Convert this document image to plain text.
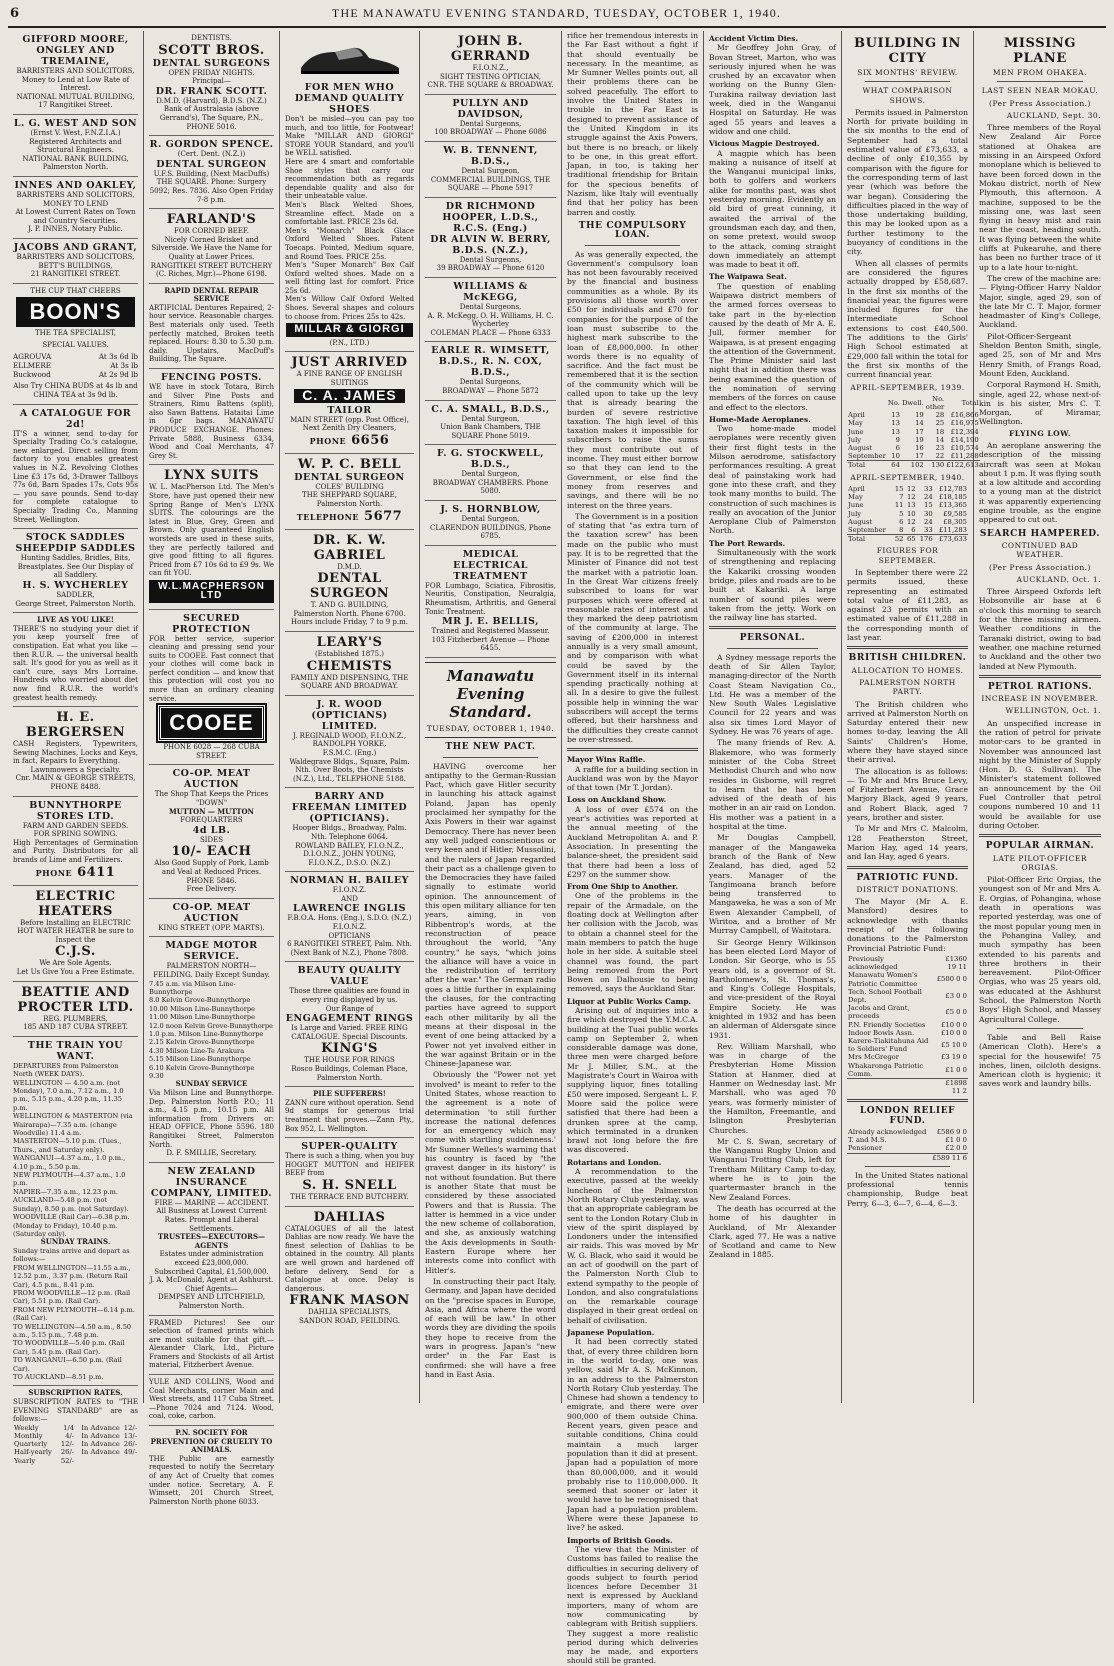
6	THE MANAWATU EVENING STANDARD, TUESDAY, OCTOBER 1, 1940.
GIFFORD MOORE, ONGLEY AND TREMAINE,
BARRISTERS AND SOLICITORS,
Money to Lend at Low Rate of Interest.
NATIONAL MUTUAL BUILDING,
17 Rangitikei Street.
L. G. WEST AND SON
(Ernst V. West, F.N.Z.I.A.)
Registered Architects and Structural Engineers.
NATIONAL BANK BUILDING, Palmerston North.
INNES AND OAKLEY,
BARRISTERS AND SOLICITORS,
MONEY TO LEND
At Lowest Current Rates on Town and Country Securities.
J. P. INNES, Notary Public.
JACOBS AND GRANT,
BARRISTERS AND SOLICITORS,
BETT'S BUILDINGS,
21 RANGITIKEI STREET.
THE CUP THAT CHEERS
BOON'S
THE TEA SPECIALIST,
SPECIAL VALUES.
AGROUVA	At 3s 6d lb
ELLMERE	At 3s lb
Buckwood	At 2s 9d lb
Also Try CHINA BUDS at 4s lb and CHINA TEA at 3s 9d lb.
A CATALOGUE FOR 2d!
IT'S a winner, send to-day for Specialty Trading Co.'s catalogue, new enlarged. Direct selling from factory to you enables greatest values in N.Z. Revolving Clothes Line £3 17s 6d, 3-Drawer Tallboys 77s 6d, Barn Spades 17s, Cots 95s — you save pounds. Send to-day for complete catalogue to Specialty Trading Co., Manning Street, Wellington.
STOCK SADDLES SHEEPDIP SADDLES
Hunting Saddles, Bridles, Bits, Breastplates. See Our Display of all Saddlery.
H. S. WYCHERLEY
SADDLER,
George Street, Palmerston North.
LIVE AS YOU LIKE!
THERE'S no studying your diet if you keep yourself free of constipation. Eat what you like — then R.U.R. — the universal health salt. It's good for you as well as it can't cure, says Mrs Lorraine. Hundreds who worried about diet now find R.U.R. the world's greatest health remedy.
H. E. BERGERSEN
CASH Registers, Typewriters, Sewing Machines, Locks and Keys, in fact, Repairs to Everything.
Lawnmowers a Specialty.
Cnr. MAIN & GEORGE STREETS, PHONE 8488.
BUNNYTHORPE STORES LTD.
FARM AND GARDEN SEEDS.
FOR SPRING SOWING.
High Percentages of Germination and Purity. Distributors for all brands of Lime and Fertilizers.
PHONE 6411
ELECTRIC HEATERS
Before Installing an ELECTRIC HOT WATER HEATER be sure to Inspect the
C.J.S.
We Are Sole Agents.
Let Us Give You a Free Estimate.
BEATTIE AND PROCTER LTD.
REG. PLUMBERS,
185 AND 187 CUBA STREET.
THE TRAIN YOU WANT.
DEPARTURES from Palmerston North (WEEK DAYS).
WELLINGTON — 4.50 a.m. (not Monday), 7.0 a.m., 7.12 a.m., 1.0 p.m., 5.15 p.m., 4.20 p.m., 11.35 p.m.
WELLINGTON & MASTERTON (via Wairarapa)—7.35 a.m. (change Woodville) 11.4 a.m.
MASTERTON—5.10 p.m. (Tues., Thurs., and Saturday only).
WANGANUI—4.37 a.m., 1.0 p.m., 4.10 p.m., 5.50 p.m.
NEW PLYMOUTH—4.37 a.m., 1.0 p.m.
NAPIER—7.35 a.m., 12.23 p.m.
AUCKLAND—5.48 p.m. (not Sunday), 8.50 p.m. (not Saturday).
WOODVILLE (Rail Car)—6.38 p.m. (Monday to Friday), 10.40 p.m. (Saturday only).
SUNDAY TRAINS.
Sunday trains arrive and depart as follows:—
FROM WELLINGTON—11.55 a.m., 12.52 p.m., 3.37 p.m. (Return Rail Car), 4.5 p.m., 8.41 p.m.
FROM WOODVILLE—12 p.m. (Rail Car), 5.51 p.m. (Rail Car).
FROM NEW PLYMOUTH—6.14 p.m. (Rail Car).
TO WELLINGTON—4.50 a.m., 8.50 a.m., 5.15 p.m., 7.48 p.m.
TO WOODVILLE—5.40 p.m. (Rail Car), 5.45 p.m. (Rail Car).
TO WANGANUI—6.50 p.m. (Rail Car).
TO AUCKLAND—8.51 p.m.
SUBSCRIPTION RATES.
SUBSCRIPTION RATES to "THE EVENING STANDARD" are as follows:—
Weekly	1/4	In Advance	12/-
Monthly	4/-	In Advance	13/-
Quarterly	12/-	In Advance	26/-
Half-yearly	26/-	In Advance	49/-
Yearly	52/-		
DENTISTS.
SCOTT BROS.
DENTAL SURGEONS
OPEN FRIDAY NIGHTS.
Principal—
DR. FRANK SCOTT.
D.M.D. (Harvard), B.D.S. (N.Z.)
Bank of Australasia (above Gerrand's), The Square, P.N., PHONE 5016.
R. GORDON SPENCE.
(Cert. Dent. (N.Z.))
DENTAL SURGEON
U.F.S. Building, (Next MacDuffs) THE SQUARE. Phone: Surgery 5092; Res. 7836. Also Open Friday 7-8 p.m.
FARLAND'S
FOR CORNED BEEF.
Nicely Corned Brisket and Silverside. We Have the Name for Quality at Lower Prices.
RANGITIKEI STREET BUTCHERY (C. Riches, Mgr.)—Phone 6198.
RAPID DENTAL REPAIR SERVICE
ARTIFICIAL Dentures Repaired, 2-hour service. Reasonable charges. Best materials only used. Teeth perfectly matched, Broken teeth replaced. Hours: 8.30 to 5.30 p.m. daily. Upstairs, MacDuff's Building, The Square.
FENCING POSTS.
WE have in stock Totara, Birch and Silver Pine Posts and Strainers, Rimu Battens (split), also Sawn Battens. Hataitai Lime in 6pr bags. MANAWATU PRODUCE EXCHANGE. Phones: Private 5888, Business 6334, Wood and Coal Merchants, 47 Grey St.
LYNX SUITS
W. L. MacPherson Ltd. The Men's Store, have just opened their new Spring Range of Men's LYNX SUITS. The colourings are the latest in Blue, Grey, Green and Brown. Only guaranteed English worsteds are used in these suits, they are perfectly tailored and give good fitting to all figures. Priced from £7 10s 6d to £9 9s. We can fit YOU.
W.L.MACPHERSON LTD
SECURED PROTECTION
FOR better service, superior cleaning and pressing send your suits to COOEE. Fast connect that your clothes will come back in perfect condition — and know that this protection will cost you no more than an ordinary cleaning service.
COOEE
PHONE 6028 — 268 CUBA STREET.
CO-OP. MEAT AUCTION
The Shop That Keeps the Prices "DOWN"
MUTTON — MUTTON
FOREQUARTERS
4d LB.
SIDES
10/- EACH
Also Good Supply of Pork, Lamb and Veal at Reduced Prices.
PHONE 5846.
Free Delivery.
CO-OP. MEAT AUCTION
KING STREET (OPP. MARTS).
MADGE MOTOR SERVICE.
PALMERSTON NORTH—FEILDING. Daily Except Sunday.
7.45 a.m. via Milson Line-Bunnythorpe
8.0 Kelvin Grove-Bunnythorpe
10.00 Milson Line-Bunnythorpe
11.00 Milson Line-Bunnythorpe
12.0 noon Kelvin Grove-Bunnythorpe
1.0 p.m. Milson Line-Bunnythorpe
2.15 Kelvin Grove-Bunnythorpe
4.30 Milson Line-Te Arakura
5.15 Milson Line-Bunnythorpe
6.10 Kelvin Grove-Bunnythorpe
9.30
SUNDAY SERVICE
Via Milson Line and Bunnythorpe. Dep. Palmerston North P.O.; 11 a.m., 4.15 p.m., 10.15 p.m. All information from Drivers or: HEAD OFFICE, Phone 5596. 180 Rangitikei Street, Palmerston North.
D. F. SMILLIE, Secretary.
NEW ZEALAND INSURANCE COMPANY, LIMITED.
FIRE — MARINE — ACCIDENT.
All Business at Lowest Current Rates. Prompt and Liberal Settlements.
TRUSTEES—EXECUTORS—AGENTS
Estates under administration exceed £23,000,000.
Subscribed Capital, £1,500,000.
J. A. McDonald, Agent at Ashhurst. Chief Agents—
DEMPSEY AND LITCHFIELD, Palmerston North.
FRAMED Pictures! See our selection of framed prints which are most suitable for that gift.—Alexander Clark, Ltd., Picture Framers and Stockists of all Artist material, Fitzherbert Avenue.
YULE AND COLLINS, Wood and Coal Merchants, corner Main and West streets, and 117 Cuba Street.—Phone 7024 and 7124. Wood, coal, coke, carbon.
P.N. SOCIETY FOR PREVENTION OF CRUELTY TO ANIMALS.
THE Public are earnestly requested to notify the Secretary of any Act of Cruelty that comes under notice. Secretary, A. F. Wimsett, 201 Church Street, Palmerston North phone 6033.
FOR MEN WHO DEMAND QUALITY SHOES
Don't be misled—you can pay too much, and too little, for Footwear! Make "MILLAR AND GIORGI" STORE YOUR Standard, and you'll be WELL satisfied.
Here are 4 smart and comfortable Shoe styles that carry our recommendation both as regards dependable quality and also for their unbeatable value.
Men's Black Welted Shoes, Streamline effect. Made on a comfortable last. PRICE 23s 6d.
Men's "Monarch" Black Glace Oxford Welted Shoes. Patent Toecaps. Pointed, Medium square, and Round Toes. PRICE 25s.
Men's "Super Monarch" Box Calf Oxford welted shoes. Made on a well fitting last for comfort. Price 25s 6d.
Men's Willow Calf Oxford Welted Shoes. Several shapes and colours to choose from. Prices 25s to 42s.
MILLAR & GIORGI
(P.N., LTD.)
JUST ARRIVED
A FINE RANGE OF ENGLISH SUITINGS
C. A. JAMES
TAILOR
MAIN STREET (opp. Post Office), Next Zenith Dry Cleaners,
PHONE 6656
W. P. C. BELL
DENTAL SURGEON
COLES' BUILDING
THE SHEPPARD SQUARE, Palmerston North.
TELEPHONE 5677
DR. K. W. GABRIEL
D.M.D.
DENTAL SURGEON
T. AND G. BUILDING,
Palmerston North. Phone 6700. Hours include Friday, 7 to 9 p.m.
LEARY'S
(Established 1875.)
CHEMISTS
FAMILY AND DISPENSING, THE SQUARE AND BROADWAY.
J. R. WOOD (OPTICIANS) LIMITED.
J. REGINALD WOOD, F.I.O.N.Z., RANDOLPH YORKE,
F.S.M.C. (Eng.)
Waldegrave Bldgs., Square, Palm. Nth. Over Boots, the Chemists (N.Z.), Ltd., TELEPHONE 5188.
BARRY AND FREEMAN LIMITED (OPTICIANS).
Hooper Bldgs., Broadway, Palm. Nth. Telephone 6064.
ROWLAND BAILEY, F.I.O.N.Z., D.I.O.N.Z., JOHN YOUNG, F.I.O.N.Z., D.S.O. (N.Z.)
NORMAN H. BAILEY
F.I.O.N.Z.
AND
LAWRENCE INGLIS
F.B.O.A. Hons. (Eng.), S.D.O. (N.Z.) F.I.O.N.Z.
OPTICIANS
6 RANGITIKEI STREET, Palm. Nth. (Next Bank of N.Z.), Phone 7808.
BEAUTY QUALITY VALUE
Those three qualities are found in every ring displayed by us.
Our Range of
ENGAGEMENT RINGS
Is Large and Varied. FREE RING CATALOGUE. Special Discounts.
KING'S
THE HOUSE FOR RINGS
Rosco Buildings, Coleman Place, Palmerston North.
PILE SUFFERERS!
ZANN cure without operation. Send 9d stamps for generous trial treatment that proves.—Zann Pty., Box 952, L. Wellington.
SUPER-QUALITY
There is such a thing, when you buy HOGGET MUTTON and HEIFER BEEF from
S. H. SNELL
THE TERRACE END BUTCHERY.
DAHLIAS
CATALOGUES of all the latest Dahlias are now ready. We have the finest selection of Dahlias to be obtained in the country. All plants are well grown and hardened off before delivery. Send for a Catalogue at once. Delay is dangerous.
FRANK MASON
DAHLIA SPECIALISTS,
SANDON ROAD, FEILDING.
JOHN B. GERRAND
F.I.O.N.Z.,
SIGHT TESTING OPTICIAN,
CNR. THE SQUARE & BROADWAY.
PULLYN AND DAVIDSON,
Dental Surgeons,
100 BROADWAY — Phone 6086
W. B. TENNENT, B.D.S.,
Dental Surgeon,
COMMERCIAL BUILDINGS, THE SQUARE — Phone 5917
DR RICHMOND HOOPER, L.D.S., R.C.S. (Eng.)
DR ALVIN W. BERRY, B.D.S. (N.Z.),
Dental Surgeons,
39 BROADWAY — Phone 6120
WILLIAMS & McKEGG,
Dental Surgeons,
A. R. McKegg, O. H. Williams, H. C. Wycherley
COLEMAN PLACE — Phone 6333
EARLE R. WIMSETT, B.D.S., R. N. COX, B.D.S.,
Dental Surgeons,
BROADWAY — Phone 5872
C. A. SMALL, B.D.S.,
Dental Surgeon,
Union Bank Chambers, THE SQUARE Phone 5019.
F. G. STOCKWELL, B.D.S.,
Dental Surgeon,
BROADWAY CHAMBERS. Phone 5080.
J. S. HORNBLOW,
Dental Surgeon,
CLARENDON BUILDINGS, Phone 6785.
MEDICAL ELECTRICAL TREATMENT
FOR Lumbago, Sciatica, Fibrositis, Neuritis, Constipation, Neuralgia, Rheumatism, Arthritis, and General Tonic Treatment.
MR J. E. BELLIS,
Trained and Registered Masseur.
103 Fitzherbert Avenue — Phone 6455.
Manawatu
Evening Standard.
TUESDAY, OCTOBER 1, 1940.
THE NEW PACT.

HAVING overcome her antipathy to the German-Russian Pact, which gave Hitler security in launching his attack against Poland, Japan has openly proclaimed her sympathy for the Axis Powers in their war against Democracy. There has never been any well judged conscientious or very keen and if Hitler, Mussolini, and the rulers of Japan regarded their pact as a challenge given to the Democracies they have failed signally to estimate world opinion. The announcement of this open military alliance for ten years, aiming, in von Ribbentrop's words, at the reconstruction of peace throughout the world, "Any country," he says, "which joins the alliance will have a voice in the redistribution of territory after the war." The German radio goes a little further in explaining the clauses, for the contracting parties have agreed to support each other militarily by all the means at their disposal in the event of one being attacked by a Power not yet involved either in the war against Britain or in the Chinese-Japanese war.

Obviously the "Power not yet involved" is meant to refer to the United States, whose reaction to the agreement is a note of determination 'to still further increase the national defences for an emergency which may come with startling suddenness.' Mr Sumner Welles's warning that his country is faced by "the gravest danger in its history" is not without foundation. But there is another State that must be considered by these associated Powers and that is Russia. The latter is hemmed in a vice under the new scheme of collaboration, and she, as anxiously watching the Axis developments in South-Eastern Europe where her interests come into conflict with Hitler's.

In constructing their pact Italy, Germany, and Japan have decided on the "precise spaces in Europe, Asia, and Africa where the word of each will be law." In other words they are dividing the spoils they hope to receive from the wars in progress. Japan's "new order" in the Far East is confirmed: she will have a free hand in East Asia.

rifice her tremendous interests in the Far East without a fight if that should eventually be necessary. In the meantime, as Mr Sumner Welles points out, all their problems there can be solved peacefully. The effort to involve the United States in trouble in the Far East is designed to prevent assistance of the United Kingdom in its struggle against the Axis Powers, but there is no breach, or likely to be one, in this great effort. Japan, in too, is taking her traditional friendship for Britain for the specious benefits of Nazism, like Italy will eventually find that her policy has been barren and costly.

THE COMPULSORY LOAN.

As was generally expected, the Government's compulsory loan has not been favourably received by the financial and business communities as a whole. By its provisions all those worth over £50 for individuals and £70 for companies for the purpose of the loan must subscribe to the highest mark subscribe to the loan of £8,000,000. In other words there is no equality of sacrifice. And the fact must be remembered that it is the section of the community which will be called upon to take up the levy that is already bearing the burden of severe restrictive taxation. The high level of this taxation makes it impossible for subscribers to raise the sums they must contribute out of income. They must either borrow so that they can lend to the Government, or else find the money from reserves and savings, and there will be no interest on the three years.

The Government is in a position of stating that "as extra turn of the taxation screw" has been made on the public who must pay. It is to be regretted that the Minister of Finance did not test the market with a patriotic loan. In the Great War citizens freely subscribed to loans for war purposes which were offered at reasonable rates of interest and they marked the deep patriotism of the community at large. The saving of £200,000 in interest annually is a very small amount, and by comparison with what could be saved by the Government itself in its internal spending practically nothing at all. In a desire to give the fullest possible help in winning the war subscribers will accept the terms offered, but their harshness and the difficulties they create cannot be over-stressed.

Mayor Wins Raffle.

A raffle for a building section in Auckland was won by the Mayor of that town (Mr T. Jordan).

Loss on Auckland Show.

A loss of over £574 on the year's activities was reported at the annual meeting of the Auckland Metropolitan A. and P. Association. In presenting the balance-sheet, the president said that there had been a loss of £297 on the summer show.

From One Ship to Another.

One of the problems in the repair of the Armadale, on the floating dock at Wellington after her collision with the Jacob, was to obtain a channel steel for the main members to patch the huge hole in her side. A suitable steel channel was found, the part being removed from the Port Bowen on Dalhousie to being removed, says the Auckland Star.

Liquor at Public Works Camp.

Arising out of inquiries into a fire which destroyed the Y.M.C.A. building at the Tuai public works camp on September 2, when considerable damage was done, three men were charged before Mr J. Miller, S.M., at the Magistrate's Court in Wairoa with supplying liquor, fines totalling £50 were imposed. Sergeant L. F. Moore said the police were satisfied that there had been a drunken spree at the camp, which terminated in a drunken brawl not long before the fire was discovered.

Rotarians and London.

A recommendation to the executive, passed at the weekly luncheon of the Palmerston North Rotary Club yesterday, was that an appropriate cablegram be sent to the London Rotary Club in view of the spirit displayed by Londoners under the intensified air raids. This was moved by Mr W. G. Black, who said it would be an act of goodwill on the part of the Palmerston North Club to extend sympathy to the people of London, and also congratulations on the remarkable courage displayed in their great ordeal on behalf of civilisation.

Japanese Population.

It had been correctly stated that, of every three children born in the world to-day, one was yellow, said Mr A. S. McKinnon, in an address to the Palmerston North Rotary Club yesterday. The Chinese had shown a tendency to emigrate, and there were over 900,000 of them outside China. Recent years, given peace and suitable conditions, China could maintain a much larger population than it did at present. Japan had a population of more than 80,000,000, and it would probably rise to 110,000,000. It seemed that sooner or later it would have to be recognised that Japan had a population problem. Where were these Japanese to live? he asked.

Imports of British Goods.

The view that the Minister of Customs has failed to realise the difficulties in securing delivery of goods subject to fourth period licences before December 31 next is expressed by Auckland importers, many of whom are now communicating by cablegram with British suppliers. They suggest a more realistic period during which deliveries may be made, and exporters should still be granted.

Accident Victim Dies.

Mr Geoffrey John Gray, of Bovan Street, Marton, who was seriously injured when he was crushed by an excavator when working on the Bunny Glen-Turakina railway deviation last week, died in the Wanganui Hospital on Saturday. He was aged 55 years and leaves a widow and one child.

Vicious Magpie Destroyed.

A magpie which has been making a nuisance of itself at the Wanganui municipal links, both to golfers and workers alike for months past, was shot yesterday morning. Evidently an old bird of great cunning, it awaited the arrival of the groundsman each day, and then, on some pretext, would swoop to the attack, coming straight down immediately an attempt was made to beat it off.

The Waipawa Seat.

The question of enabling Waipawa district members of the armed forces overseas to take part in the by-election caused by the death of Mr A. E. Jull, former member for Waipawa, is at present engaging the attention of the Government. The Prime Minister said last night that in addition there was being examined the question of the nomination of serving members of the forces on cause and effect to the electors.

Home-Made Aeroplanes.

Two home-made model aeroplanes were recently given their first flight tests in the Milson aerodrome, satisfactory performances resulting. A great deal of painstaking work had gone into these craft, and they took many months to build. The construction of such machines is really an avocation of the Junior Aeroplane Club of Palmerston North.

The Port Rewards.

Simultaneously with the work of strengthening and replacing the Kakariki crossing wooden bridge, piles and roads are to be built at Kakariki. A large number of sound piles were taken from the jetty. Work on the railway line has started.

PERSONAL.

A Sydney message reports the death of Sir Allen Taylor, managing-director of the North Coast Steam Navigation Co., Ltd. He was a member of the New South Wales Legislative Council for 22 years and was also six times Lord Mayor of Sydney. He was 76 years of age.

The many friends of Rev. A. Blakemore, who was formerly minister of the Coba Street Methodist Church and who now resides in Gisborne, will regret to learn that he has been advised of the death of his mother in an air raid on London. His mother was a patient in a hospital at the time.

Mr Douglas Campbell, manager of the Mangaweka branch of the Bank of New Zealand, has died, aged 52 years. Manager of the Tangimoana branch before being transferred to Mangaweka, he was a son of Mr Ewen Alexander Campbell, of Wiritoa, and a brother of Mr Murray Campbell, of Waitotara.

Sir George Henry Wilkinson has been elected Lord Mayor of London. Sir George, who is 55 years old, is a governor of St. Bartholomew's, St. Thomas's, and King's College Hospitals, and vice-president of the Royal Empire Society. He was knighted in 1932 and has been an alderman of Aldersgate since 1931.

Rev. William Marshall, who was in charge of the Presbyterian Home Mission Station at Hanmer, died at Hanmer on Wednesday last. Mr Marshall, who was aged 70 years, was formerly minister of the Hamilton, Freemantle, and Islington Presbyterian Churches.

Mr C. S. Swan, secretary of the Wanganui Rugby Union and Wanganui Trotting Club, left for Trentham Military Camp to-day, where he is to join the quartermaster branch in the New Zealand Forces.

The death has occurred at the home of his daughter in Auckland, of Mr Alexander Clark, aged 77. He was a native of Scotland and came to New Zealand in 1885.

BUILDING IN CITY
SIX MONTHS' REVIEW.
WHAT COMPARISON SHOWS.

Permits issued in Palmerston North for private building in the six months to the end of September had a total estimated value of £73,633, a decline of only £10,355 by comparison with the figure for the corresponding term of last year (which was before the war began). Considering the difficulties placed in the way of those undertaking building, this may be looked upon as a further testimony to the buoyancy of conditions in the city.

When all classes of permits are considered the figures actually dropped by £58,687. In the first six months of the financial year, the figures were included figures for the Intermediate School extensions to cost £40,500. The additions to the Girls' High School estimated at £29,000 fall within the total for the first six months of the current financial year.

APRIL-SEPTEMBER, 1939.
	No.	Dwell.	No. other	Total
April	13	19	28	£16,866
May	13	14	25	£16,975
June	13	17	18	£12,394
July	9	19	14	£14,190
August	6	16	23	£10,574
September	10	17	22	£11,288
Total	64	102	130	£122,613
APRIL-SEPTEMBER, 1940.
April	15	12	33	£12,783
May	7	12	24	£18,185
June	11	13	15	£13,365
July	5	10	30	£9,585
August	6	12	24	£8,305
September	8	6	33	£11,283
Total	52	65	176	£73,633
FIGURES FOR SEPTEMBER.

In September there were 22 permits issued, these representing an estimated total value of £11,283, as against 23 permits with an estimated value of £11,288 in the corresponding month of last year.

BRITISH CHILDREN.
ALLOCATION TO HOMES.
PALMERSTON NORTH PARTY.

The British children who arrived at Palmerston North on Saturday entered their new homes to-day, leaving the All Saints' Children's Home, where they have stayed since their arrival.

The allocation is as follows:— To Mr and Mrs Bruce Levy, of Fitzherbert Avenue, Grace Marjory Black, aged 9 years, and Robert Black, aged 7 years, brother and sister.

To Mr and Mrs C. Malcolm, 128 Featherston Street, Marion Hay, aged 14 years, and Ian Hay, aged 6 years.

PATRIOTIC FUND.
DISTRICT DONATIONS.

The Mayor (Mr A. E. Mansford) desires to acknowledge with thanks receipt of the following donations to the Palmerston Provincial Patriotic Fund:

Previously acknowledged	£1360 19 11
Manawatu Women's Patriotic Committee	£500 0 0
Tech. School Football Dept.	£3 0 0
Jacobs and Grant, proceeds	£5 0 0
P.N. Friendly Societies	£10 0 0
Indoor Bowls Assn.	£10 0 0
Karere-Tiakitahuna Aid to Soldiers' Fund	£5 10 0
Mrs McGregor	£3 19 0
Whakaronga Patriotic Comm.	£1 0 0
	£1898 11 2
LONDON RELIEF FUND.
Already acknowledged	£586 9 0
T. and M.S.	£1 0 0
Pensioner	£2 0 0
	£589 11 6

In the United States national professional tennis championship, Budge beat Perry, 6—3, 6—7, 6—4, 6—3.

MISSING PLANE
MEN FROM OHAKEA.
LAST SEEN NEAR MOKAU.
(Per Press Association.)
AUCKLAND, Sept. 30.

Three members of the Royal New Zealand Air Force stationed at Ohakea are missing in an Airspeed Oxford monoplane which is believed to have been forced down in the Mokau district, north of New Plymouth, this afternoon. A machine, supposed to be the missing one, was last seen flying in heavy mist and rain near the coast, heading south. It was flying between the white cliffs at Pukearuhe, and there has been no further trace of it up to a late hour to-night.

The crew of the machine are:— Flying-Officer Harry Naldor Major, single, aged 29, son of the late Mr C. T. Major, former headmaster of King's College, Auckland.

Pilot-Officer-Sergeant Sheldon Benton Smith, single, aged 25, son of Mr and Mrs Henry Smith, of Frangs Road, Mount Eden, Auckland.

Corporal Raymond H. Smith, single, aged 22, whose next-of-kin is his sister, Mrs C. T. Morgan, of Miramar, Wellington.

FLYING LOW.

An aeroplane answering the description of the missing aircraft was seen at Mokau about 1 p.m. It was flying south at a low altitude and according to a young man at the district it was apparently experiencing engine trouble, as the engine appeared to cut out.

SEARCH HAMPERED.
CONTINUED BAD WEATHER.
(Per Press Association.)
AUCKLAND, Oct. 1.

Three Airspeed Oxfords left Hobsonville air base at 6 o'clock this morning to search for the three missing airmen. Weather conditions in the Taranaki district, owing to bad weather, one machine returned to Auckland and the other two landed at New Plymouth.

PETROL RATIONS.
INCREASE IN NOVEMBER.
WELLINGTON, Oct. 1.

An unspecified increase in the ration of petrol for private motor-cars to be granted in November was announced last night by the Minister of Supply (Hon. D. G. Sullivan). The Minister's statement followed an announcement by the Oil Fuel Controller that petrol coupons numbered 10 and 11 would be available for use during October.

POPULAR AIRMAN.
LATE PILOT-OFFICER ORGIAS.

Pilot-Officer Eric Orgias, the youngest son of Mr and Mrs A. E. Orgias, of Pohangina, whose death in operations was reported yesterday, was one of the most popular young men in the Pohangina Valley, and much sympathy has been extended to his parents and three brothers in their bereavement. Pilot-Officer Orgias, who was 25 years old, was educated at the Ashhurst School, the Palmerston North Boys' High School, and Massey Agricultural College.

Table and Bell Raise (American Cloth). Here's a special for the housewife! 75 inches, linen, oilcloth designs. American cloth is hygienic; it saves work and laundry bills.
